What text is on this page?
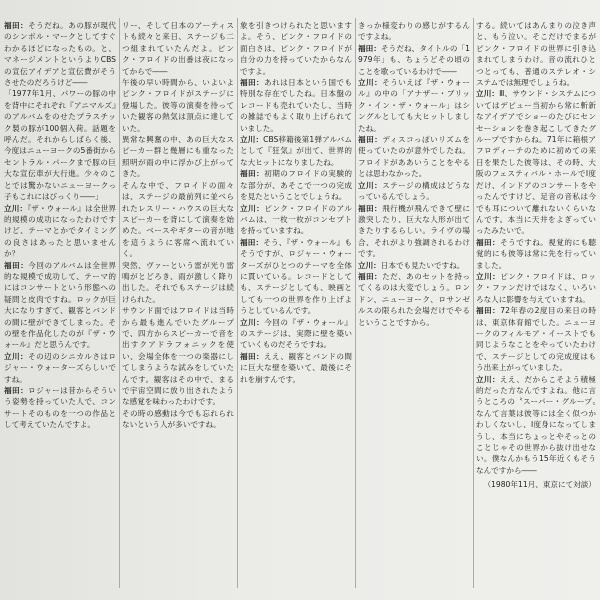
福田：そうだね。あの豚が現代のシンボル・マークとしてすぐわかるほどになったもの。と、マネージメントというよりCBSの宣伝アイデアと宣伝費がそうさせたのだろうけど――
「1977年1月、パワーの豚の中を背中にそれぞれ『アニマルズ』のアルバムをのせたプラスチック製の豚が100個入荷。話題を呼んだ。それからしばらく後、今度はニューヨークの5番街からセントラル・パークまで豚の巨大な宣伝車が大行進。少々のことでは驚かないニューヨークっ子もこれにはびっくり――」
立川：『ザ・ウォール』は全世界的規模の成功になったわけですけど、テーマとかでタイミングの良さはあったと思いませんか？
福田：今回のアルバムは全世界的な規模で成功して、テーマ的にはコンサートという形態への疑問と皮肉ですね。ロックが巨大になりすぎて、観客とバンドの間に壁ができてしまった。その壁を作品化したのが『ザ・ウォール』だと思うんです。
立川：その辺のシニカルさはロジャー・ウォーターズらしいですね。
福田：ロジャーは昔からそういう姿勢を持っていた人で、コンサートそのものを一つの作品として考えていたんですよ。
リー、そして日本のアーティストも続々と来日、ステージも二つ組まれていたんだよ。ピンク・フロイドの出番は夜になってからで――
午後の早い時間から、いよいよピンク・フロイドがステージに登場した。彼等の演奏を待っていた観客の熱気は頂点に達していた。
異常な興奮の中、あの巨大なスピーカー群と幾層にも重なった照明が雨の中に浮かび上がってきた。
そんな中で、フロイドの面々は、ステージの最前列に並べられたレスリー・ハウスの巨大なスピーカーを背にして演奏を始めた。ベースやギターの音が地を這うように客席へ流れていく。
突然、ヴァーという雷が光り雷鳴がとどろき、雨が激しく降り出した。それでもステージは続けられた。
サウンド面ではフロイドは当時から最も進んでいたグループで、四方からスピーカーで音を出すクアドラフォニックを使い、会場全体を一つの楽器にしてしまうような試みをしていたんです。観客はその中で、まるで宇宙空間に放り出されたような感覚を味わったわけです。
その時の感動は今でも忘れられないという人が多いですね。
象を引きつけられたと思いますよ。そう、ピンク・フロイドの面白さは、ピンク・フロイドが自分の力を持っていたからなんですよ。
福田：あれは日本という国でも特別な存在でしたね。日本盤のレコードも売れていたし、当時の雑誌でもよく取り上げられていました。
立川：CBS移籍後第1弾アルバムとして『狂気』が出て、世界的な大ヒットになりましたね。
福田：初期のフロイドの実験的な部分が、あそこで一つの完成を見たということでしょうね。
立川：ピンク・フロイドのアルバムは、一枚一枚がコンセプトを持っていますね。
福田：そう、『ザ・ウォール』もそうですが、ロジャー・ウォーターズがひとつのテーマを全体に貫いている。レコードとしても、ステージとしても、映画としても一つの世界を作り上げようとしているんです。
立川：今回の『ザ・ウォール』のステージは、実際に壁を築いていくものだそうですね。
福田：ええ、観客とバンドの間に巨大な壁を築いて、最後にそれを崩すんです。
きっか様変わりの感じがするんですよね。
福田：そうだね、タイトルの「1979年」も、ちょうどその頃のことを歌っているわけで――
立川：そういえば『ザ・ウォール』の中の「アナザー・ブリック・イン・ザ・ウォール」はシングルとしても大ヒットしましたね。
福田：ディスコっぽいリズムを使っていたのが意外でしたね。フロイドがああいうことをやるとは思わなかった。
立川：ステージの構成はどうなっているんでしょう。
福田：飛行機が飛んできて壁に激突したり、巨大な人形が出てきたりするらしい。ライヴの場合、それがより強調されるわけです。
立川：日本でも見たいですね。
福田：ただ、あのセットを持ってくるのは大変でしょう。ロンドン、ニューヨーク、ロサンゼルスの限られた会場だけでやるということですから。
する。続いてはあんまりの泣き声と、もう泣い。そこだけでまるがピンク・フロイドの世界に引き込まれてしまうわけ。音の流れひとつとっても、普通のステレオ・システムでは無理でしょうね。
立川：Ⅲ、サウンド・システムについてはデビュー当初から常に斬新なアイデアでショーのたびにセンセーションを巻き起こしてきたグループですからね。71年に箱根アフロディーテのために初めての来日を果たした彼等は、その時、大阪のフェスティバル・ホールでⅠ度だけ、インドアのコンサートをやったんですけど、足音の音私は今でも耳について離れないくらいなんです。本当に天井をよぎっていったみたいで。
福田：そうですね。視覚的にも聴覚的にも彼等は常に先を行っていました。
立川：ピンク・フロイドは、ロック・ファンだけではなく、いろいろな人に影響を与えていますね。
福田：72年春の2度目の来日の時は、東京体育館でした。ニューヨークのフィルモア・イーストでも同じようなことをやっていたわけで、ステージとしての完成度はもう出来上がっていました。
立川：ええ、だからこそよう積極的だった方なんですよね。他に言うところの〝スーパー・グループ〟なんて言葉は彼等には全く似つかわしくないし、Ⅰ度身になってしまうし、本当にちょっとやそっとのことじゃその世界から抜け出せない。僕なんかもう15年近くもそうなんですから――
（1980年11月、東京にて対談）
